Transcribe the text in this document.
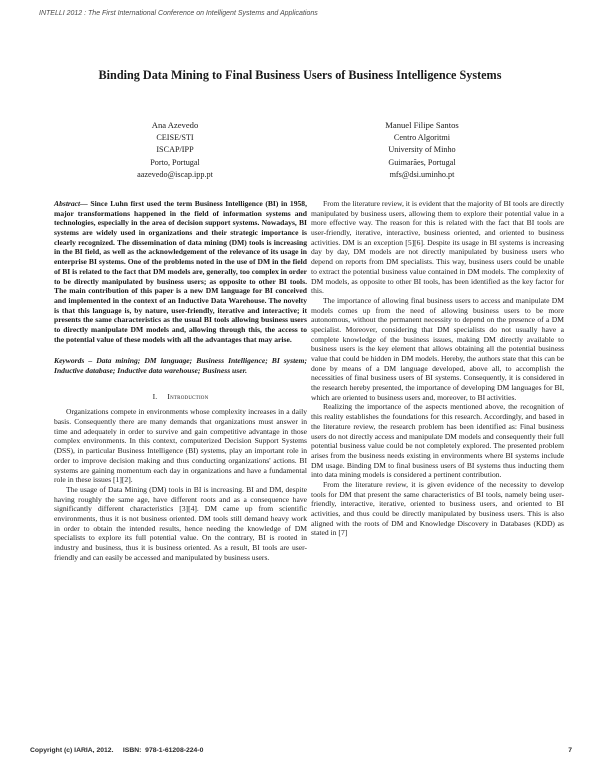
INTELLI 2012 : The First International Conference on Intelligent Systems and Applications
Binding Data Mining to Final Business Users of Business Intelligence Systems
Ana Azevedo
CEISE/STI
ISCAP/IPP
Porto, Portugal
aazevedo@iscap.ipp.pt
Manuel Filipe Santos
Centro Algoritmi
University of Minho
Guimarães, Portugal
mfs@dsi.uminho.pt

Abstract— Since Luhn first used the term Business Intelligence (BI) in 1958, major transformations happened in the field of information systems and technologies, especially in the area of decision support systems. Nowadays, BI systems are widely used in organizations and their strategic importance is clearly recognized. The dissemination of data mining (DM) tools is increasing in the BI field, as well as the acknowledgement of the relevance of its usage in enterprise BI systems. One of the problems noted in the use of DM in the field of BI is related to the fact that DM models are, generally, too complex in order to be directly manipulated by business users; as opposite to other BI tools. The main contribution of this paper is a new DM language for BI conceived and implemented in the context of an Inductive Data Warehouse. The novelty is that this language is, by nature, user-friendly, iterative and interactive; it presents the same characteristics as the usual BI tools allowing business users to directly manipulate DM models and, allowing through this, the access to the potential value of these models with all the advantages that may arise.

Keywords – Data mining; DM language; Business Intelligence; BI system; Inductive database; Inductive data warehouse; Business user.

I. Introduction

Organizations compete in environments whose complexity increases in a daily basis. Consequently there are many demands that organizations must answer in time and adequately in order to survive and gain competitive advantage in those complex environments. In this context, computerized Decision Support Systems (DSS), in particular Business Intelligence (BI) systems, play an important role in order to improve decision making and thus conducting organizations' actions. BI systems are gaining momentum each day in organizations and have a fundamental role in these issues [1][2].

The usage of Data Mining (DM) tools in BI is increasing. BI and DM, despite having roughly the same age, have different roots and as a consequence have significantly different characteristics [3][4]. DM came up from scientific environments, thus it is not business oriented. DM tools still demand heavy work in order to obtain the intended results, hence needing the knowledge of DM specialists to explore its full potential value. On the contrary, BI is rooted in industry and business, thus it is business oriented. As a result, BI tools are user-friendly and can easily be accessed and manipulated by business users.

From the literature review, it is evident that the majority of BI tools are directly manipulated by business users, allowing them to explore their potential value in a more effective way. The reason for this is related with the fact that BI tools are user-friendly, iterative, interactive, business oriented, and oriented to business activities. DM is an exception [5][6]. Despite its usage in BI systems is increasing day by day, DM models are not directly manipulated by business users who depend on reports from DM specialists. This way, business users could be unable to extract the potential business value contained in DM models. The complexity of DM models, as opposite to other BI tools, has been identified as the key factor for this.

The importance of allowing final business users to access and manipulate DM models comes up from the need of allowing business users to be more autonomous, without the permanent necessity to depend on the presence of a DM specialist. Moreover, considering that DM specialists do not usually have a complete knowledge of the business issues, making DM directly available to business users is the key element that allows obtaining all the potential business value that could be hidden in DM models. Hereby, the authors state that this can be done by means of a DM language developed, above all, to accomplish the necessities of final business users of BI systems. Consequently, it is considered in the research hereby presented, the importance of developing DM languages for BI, which are oriented to business users and, moreover, to BI activities.

Realizing the importance of the aspects mentioned above, the recognition of this reality establishes the foundations for this research. Accordingly, and based in the literature review, the research problem has been identified as: Final business users do not directly access and manipulate DM models and consequently their full potential business value could be not completely explored. The presented problem arises from the business needs existing in environments where BI systems include DM usage. Binding DM to final business users of BI systems thus inducting them into data mining models is considered a pertinent contribution.

From the literature review, it is given evidence of the necessity to develop tools for DM that present the same characteristics of BI tools, namely being user-friendly, interactive, iterative, oriented to business users, and oriented to BI activities, and thus could be directly manipulated by business users. This is also aligned with the roots of DM and Knowledge Discovery in Databases (KDD) as stated in [7]

Copyright (c) IARIA, 2012.     ISBN:  978-1-61208-224-0	7
